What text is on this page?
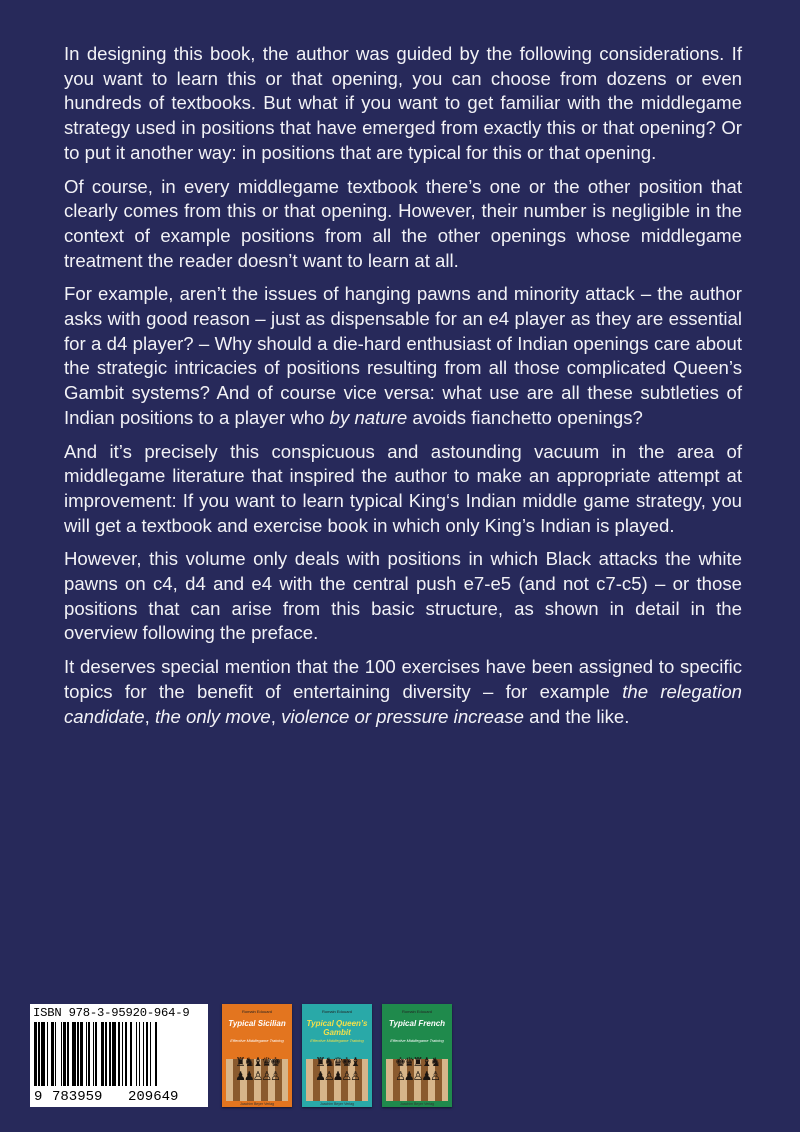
In designing this book, the author was guided by the following considerations. If you want to learn this or that opening, you can choose from dozens or even hundreds of textbooks. But what if you want to get familiar with the middlegame strategy used in positions that have emerged from exactly this or that opening? Or to put it another way: in positions that are typical for this or that opening.

Of course, in every middlegame textbook there’s one or the other position that clearly comes from this or that opening. However, their number is negligible in the context of example positions from all the other openings whose middlegame treatment the reader doesn’t want to learn at all.

For example, aren’t the issues of hanging pawns and minority attack – the author asks with good reason – just as dispensable for an e4 player as they are essential for a d4 player? – Why should a die-hard enthusiast of Indian openings care about the strategic intricacies of positions resulting from all those complicated Queen’s Gambit systems? And of course vice versa: what use are all these subtleties of Indian positions to a player who by nature avoids fianchetto openings?

And it’s precisely this conspicuous and astounding vacuum in the area of middlegame literature that inspired the author to make an appropriate attempt at improvement: If you want to learn typical King‘s Indian middle game strategy, you will get a textbook and exercise book in which only King’s Indian is played.

However, this volume only deals with positions in which Black attacks the white pawns on c4, d4 and e4 with the central push e7-e5 (and not c7-c5) – or those positions that can arise from this basic structure, as shown in detail in the overview following the preface.

It deserves special mention that the 100 exercises have been assigned to specific topics for the benefit of entertaining diversity – for example the relegation candidate, the only move, violence or pressure increase and the like.

ISBN 978-3-95920-964-9
9 783959 209649
Romain Edouard
Typical Sicilian
Effective Middlegame Training
♜♞♝♛♚
♟♟♙♙♙
Joachim Beyer Verlag
Romain Edouard
Typical Queen’s Gambit
Effective Middlegame Training
♜♞♛♚♝
♟♙♟♙♙
Joachim Beyer Verlag
Romain Edouard
Typical French
Effective Middlegame Training
♚♛♜♝♞
♙♟♙♟♙
Joachim Beyer Verlag
